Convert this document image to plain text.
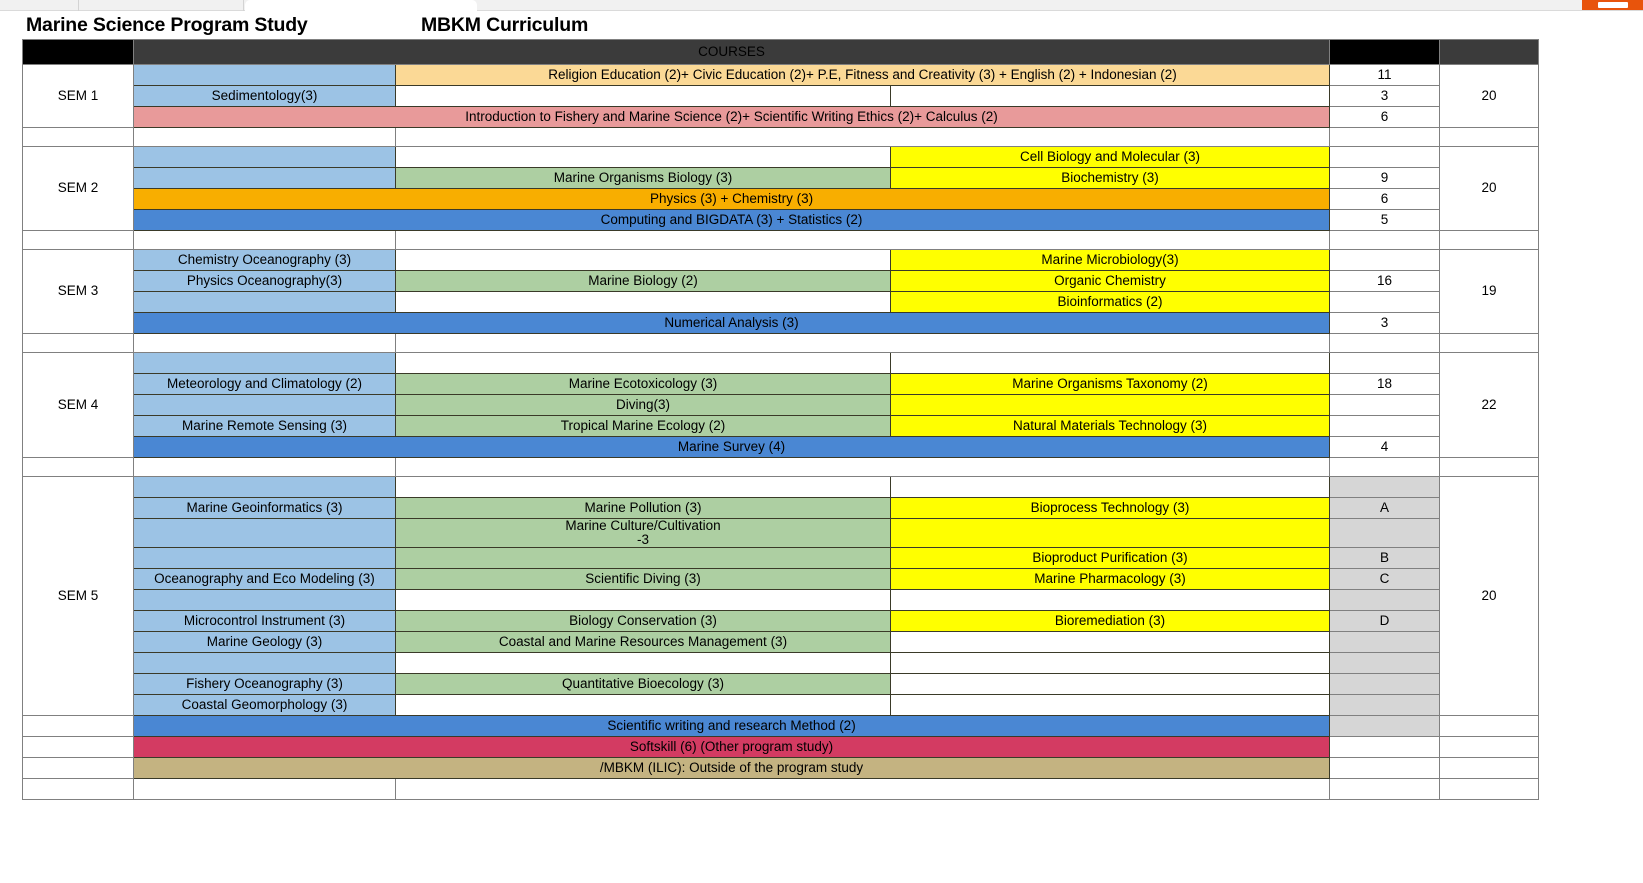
Marine Science Program Study	MBKM Curriculum
SEM	COURSES			SCU	
SEM 1		Religion Education (2)+ Civic Education (2)+ P.E, Fitness and Creativity (3) + English (2) + Indonesian (2)		11	20
	Sedimentology(3)			3	
	Introduction to Fishery and Marine Science (2)+ Scientific Writing Ethics (2)+ Calculus (2)			6	

SEM 2			Cell Biology and Molecular (3)		20
		Marine Organisms Biology (3)	Biochemistry (3)	9	
	Physics (3) + Chemistry (3)			6	
	Computing and BIGDATA (3) + Statistics (2)			5	

SEM 3	Chemistry Oceanography (3)		Marine Microbiology(3)		19
	Physics Oceanography(3)	Marine Biology (2)	Organic Chemistry	16	
			Bioinformatics (2)		
	Numerical Analysis (3)			3	

SEM 4					22
	Meteorology and Climatology (2)	Marine Ecotoxicology (3)	Marine Organisms Taxonomy (2)	18	
		Diving(3)			
	Marine Remote Sensing (3)	Tropical Marine Ecology (2)	Natural Materials Technology (3)		
	Marine Survey (4)			4	

SEM 5					20
	Marine Geoinformatics (3)	Marine Pollution (3)	Bioprocess Technology (3)	A	
		Marine Culture/Cultivation
-3			
			Bioproduct Purification (3)	B	
	Oceanography and Eco Modeling (3)	Scientific Diving (3)	Marine Pharmacology (3)	C	

	Microcontrol Instrument (3)	Biology Conservation (3)	Bioremediation (3)	D	
	Marine Geology (3)	Coastal and Marine Resources Management (3)			

	Fishery Oceanography (3)	Quantitative Bioecology (3)			
	Coastal Geomorphology (3)				
	Scientific writing and research Method (2)				
	Softskill (6) (Other program study)				
	/MBKM (ILIC): Outside of the program study				
